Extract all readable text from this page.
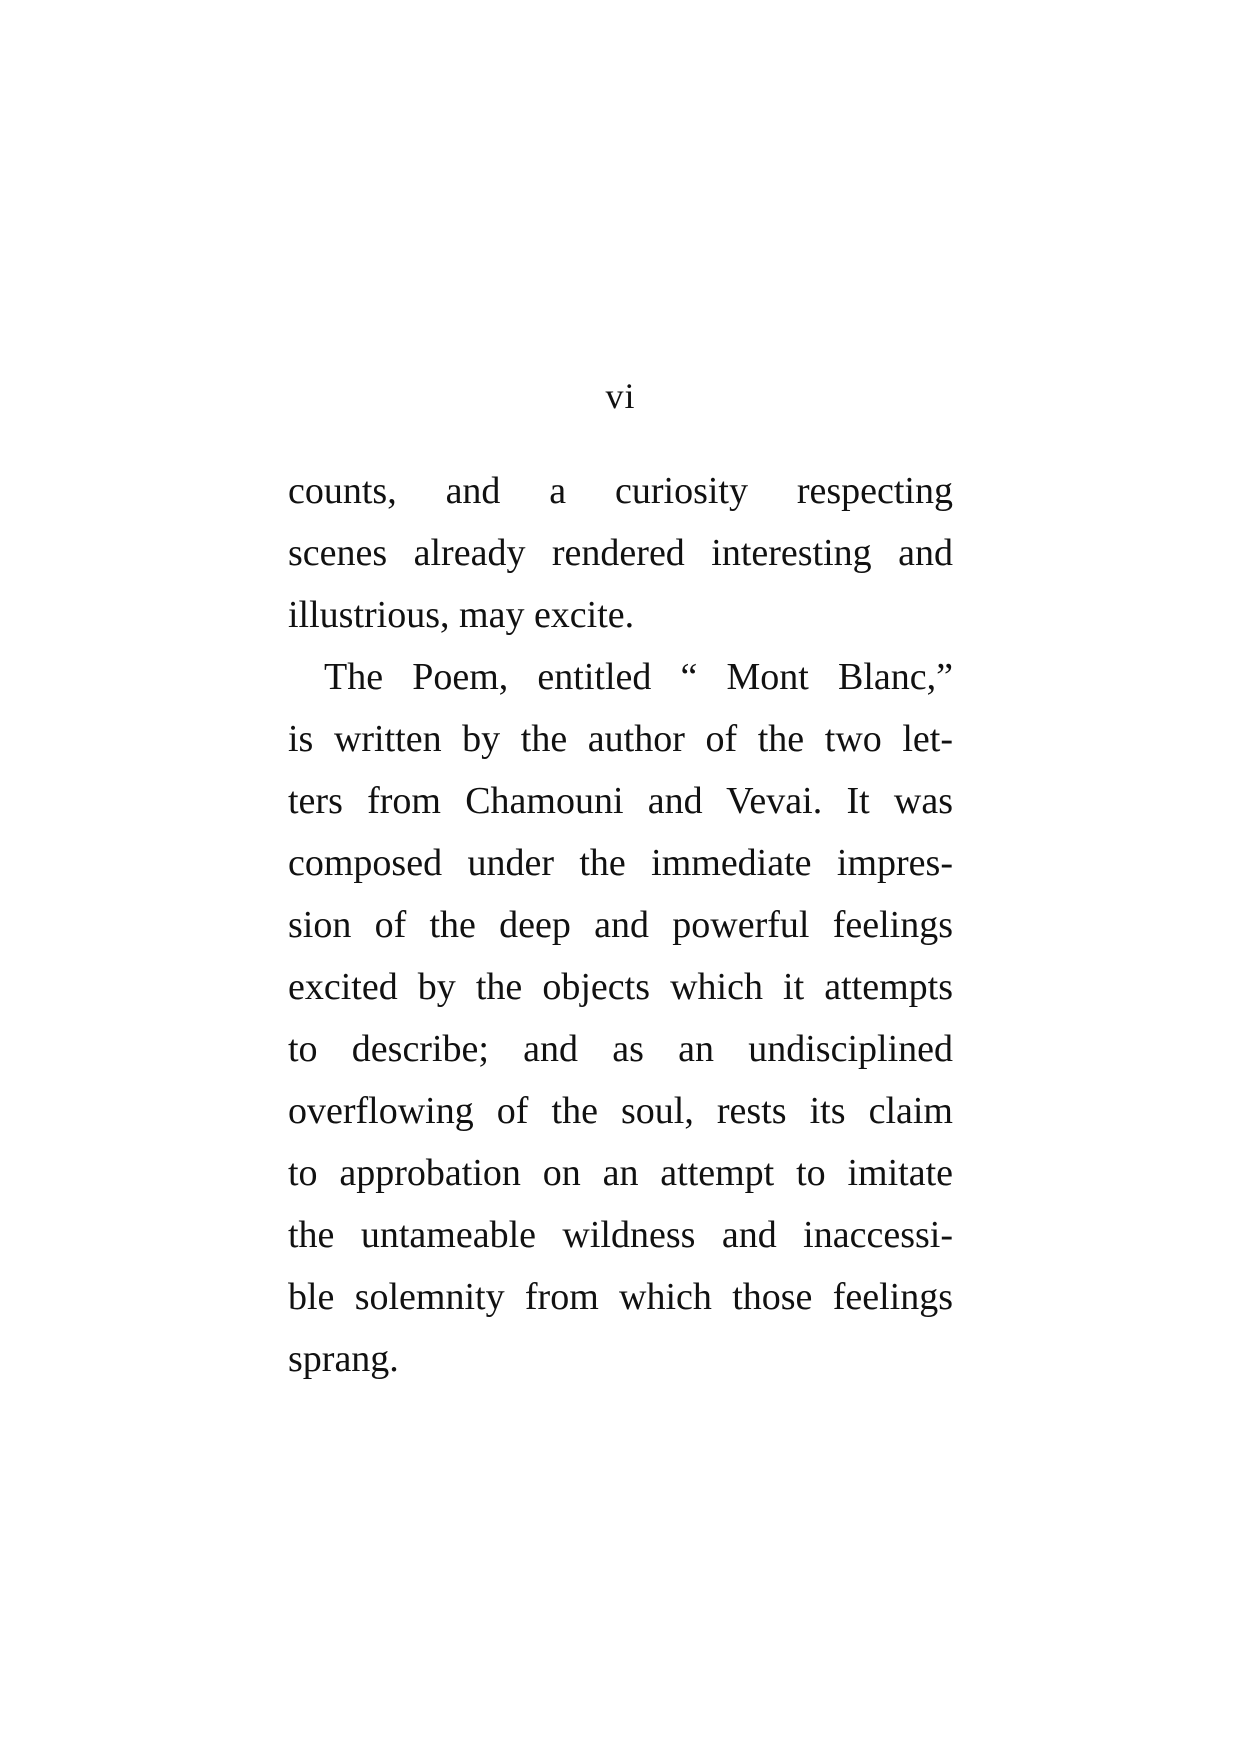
vi
counts, and a curiosity respecting
scenes already rendered interesting and
illustrious, may excite.
The Poem, entitled “ Mont Blanc,”
is written by the author of the two let-
ters from Chamouni and Vevai. It was
composed under the immediate impres-
sion of the deep and powerful feelings
excited by the objects which it attempts
to describe; and as an undisciplined
overflowing of the soul, rests its claim
to approbation on an attempt to imitate
the untameable wildness and inaccessi-
ble solemnity from which those feelings
sprang.
